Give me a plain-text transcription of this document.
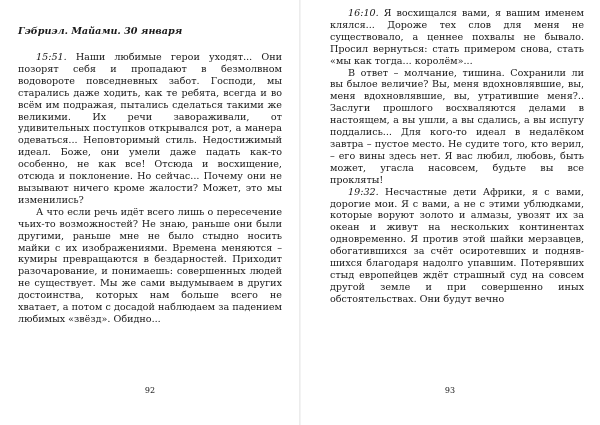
Гэбриэл. Майами. 30 января

15:51. Наши любимые герои уходят... Они позорят себя и пропадают в безмолвном водовороте повседневных забот. Господи, мы старались даже ходить, как те ребята, всегда и во всём им подражая, пытались сделаться такими же великими. Их речи завораживали, от удивительных поступков открывался рот, а манера одеваться... Неповторимый стиль. Недостижимый идеал. Боже, они умели даже падать как-то особенно, не как все! Отсюда и восхищение, отсюда и поклонение. Но сейчас... Почему они не вызывают ничего кроме жалости? Может, это мы изменились?

А что если речь идёт всего лишь о пересечение чьих-то возможностей? Не знаю, раньше они были другими, раньше мне не было стыдно носить майки с их изображениями. Времена меняются – кумиры превращаются в бездарностей. Приходит разочарование, и понимаешь: совершенных людей не существует. Мы же сами выдумываем в других достоинства, которых нам больше всего не хватает, а потом с досадой наблюдаем за падением любимых «звёзд». Обидно...

92

16:10. Я восхищался вами, я вашим именем клялся... Дороже тех слов для меня не существовало, а ценнее похвалы не бывало. Просил вернуться: стать примером снова, стать «мы как тогда... королём»...

В ответ – молчание, тишина. Сохранили ли вы былое величие? Вы, меня вдохновлявшие, вы, меня вдохновлявшие, вы, утратившие меня?.. Заслуги прошлого восхваляются делами в настоящем, а вы ушли, а вы сдались, а вы испугу поддались... Для кого-то идеал в недалёком завтра – пустое место. Не судите того, кто верил, – его вины здесь нет. Я вас любил, любовь, быть может, угасла насовсем, будьте вы все прокляты!

19:32. Несчастные дети Африки, я с вами, дорогие мои. Я с вами, а не с этими ублюдками, которые воруют золото и алмазы, увозят их за океан и живут на нескольких континентах одновременно. Я против этой шайки мерзавцев, обогатившихся за счёт осиротевших и поднявшихся благодаря надолго упавшим. Потерявших стыд европейцев ждёт страшный суд на совсем другой земле и при совершенно иных обстоятельствах. Они будут вечно

93
